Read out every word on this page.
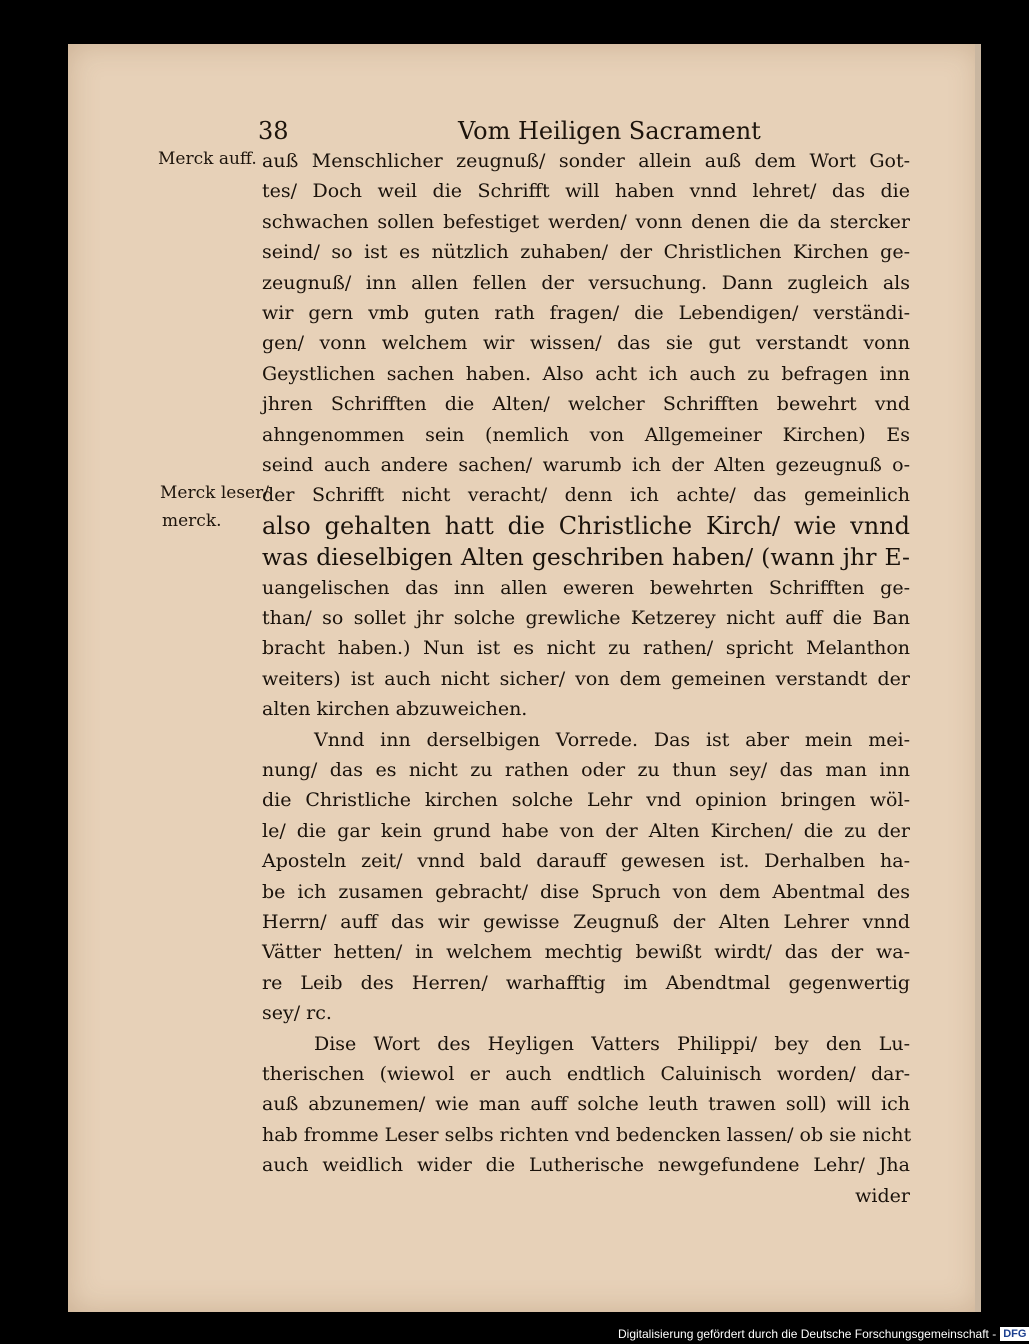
38	Vom Heiligen Sacrament
Merck auff.
Merck leser/
merck.
auß Menschlicher zeugnuß/ sonder allein auß dem Wort Got-
tes/ Doch weil die Schrifft will haben vnnd lehret/ das die
schwachen sollen befestiget werden/ vonn denen die da stercker
seind/ so ist es nützlich zuhaben/ der Christlichen Kirchen ge-
zeugnuß/ inn allen fellen der versuchung. Dann zugleich als
wir gern vmb guten rath fragen/ die Lebendigen/ verständi-
gen/ vonn welchem wir wissen/ das sie gut verstandt vonn
Geystlichen sachen haben. Also acht ich auch zu befragen inn
jhren Schrifften die Alten/ welcher Schrifften bewehrt vnd
ahngenommen sein (nemlich von Allgemeiner Kirchen) Es
seind auch andere sachen/ warumb ich der Alten gezeugnuß o-
der Schrifft nicht veracht/ denn ich achte/ das gemeinlich
also gehalten hatt die Christliche Kirch/ wie vnnd
was dieselbigen Alten geschriben haben/ (wann jhr E-
uangelischen das inn allen eweren bewehrten Schrifften ge-
than/ so sollet jhr solche grewliche Ketzerey nicht auff die Ban
bracht haben.) Nun ist es nicht zu rathen/ spricht Melanthon
weiters) ist auch nicht sicher/ von dem gemeinen verstandt der
alten kirchen abzuweichen.
Vnnd inn derselbigen Vorrede. Das ist aber mein mei-
nung/ das es nicht zu rathen oder zu thun sey/ das man inn
die Christliche kirchen solche Lehr vnd opinion bringen wöl-
le/ die gar kein grund habe von der Alten Kirchen/ die zu der
Aposteln zeit/ vnnd bald darauff gewesen ist. Derhalben ha-
be ich zusamen gebracht/ dise Spruch von dem Abentmal des
Herrn/ auff das wir gewisse Zeugnuß der Alten Lehrer vnnd
Vätter hetten/ in welchem mechtig bewißt wirdt/ das der wa-
re Leib des Herren/ warhafftig im Abendtmal gegenwertig
sey/ rc.
Dise Wort des Heyligen Vatters Philippi/ bey den Lu-
therischen (wiewol er auch endtlich Caluinisch worden/ dar-
auß abzunemen/ wie man auff solche leuth trawen soll) will ich
hab fromme Leser selbs richten vnd bedencken lassen/ ob sie nicht
auch weidlich wider die Lutherische newgefundene Lehr/ Jha
wider
Digitalisierung gefördert durch die Deutsche Forschungsgemeinschaft - DFG
